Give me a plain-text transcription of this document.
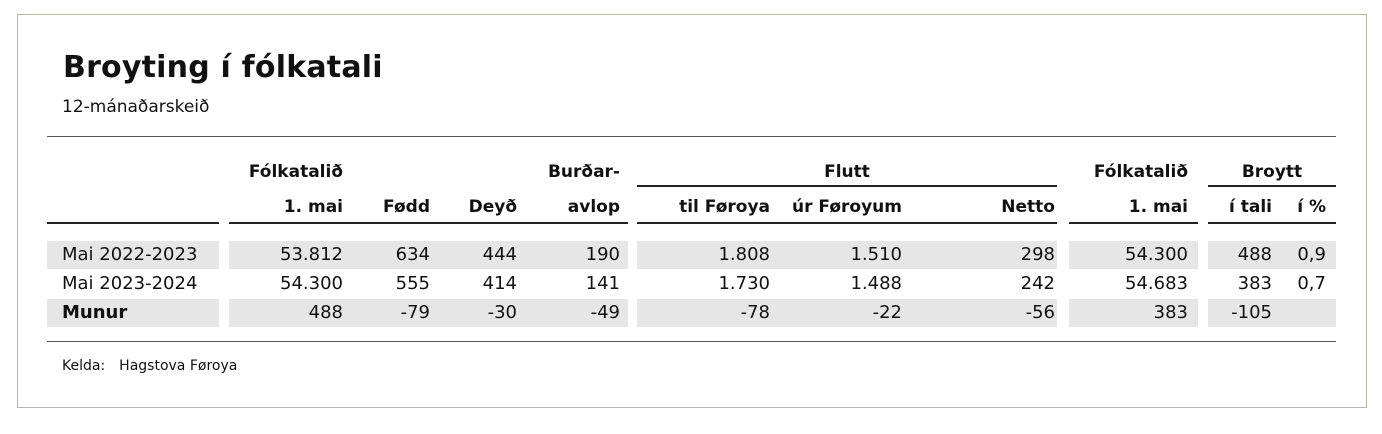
Broyting í fólkatali
12-mánaðarskeið
Fólkatalið	Burðar-	Flutt	Fólkatalið	Broytt
1. mai	Fødd	Deyð	avlop	til Føroya	úr Føroyum	Netto	1. mai	í tali	í %
Mai 2022-2023	53.812	634	444	190	1.808	1.510	298	54.300	488	0,9
Mai 2023-2024	54.300	555	414	141	1.730	1.488	242	54.683	383	0,7
Munur	488	-79	-30	-49	-78	-22	-56	383	-105
Kelda: Hagstova Føroya
